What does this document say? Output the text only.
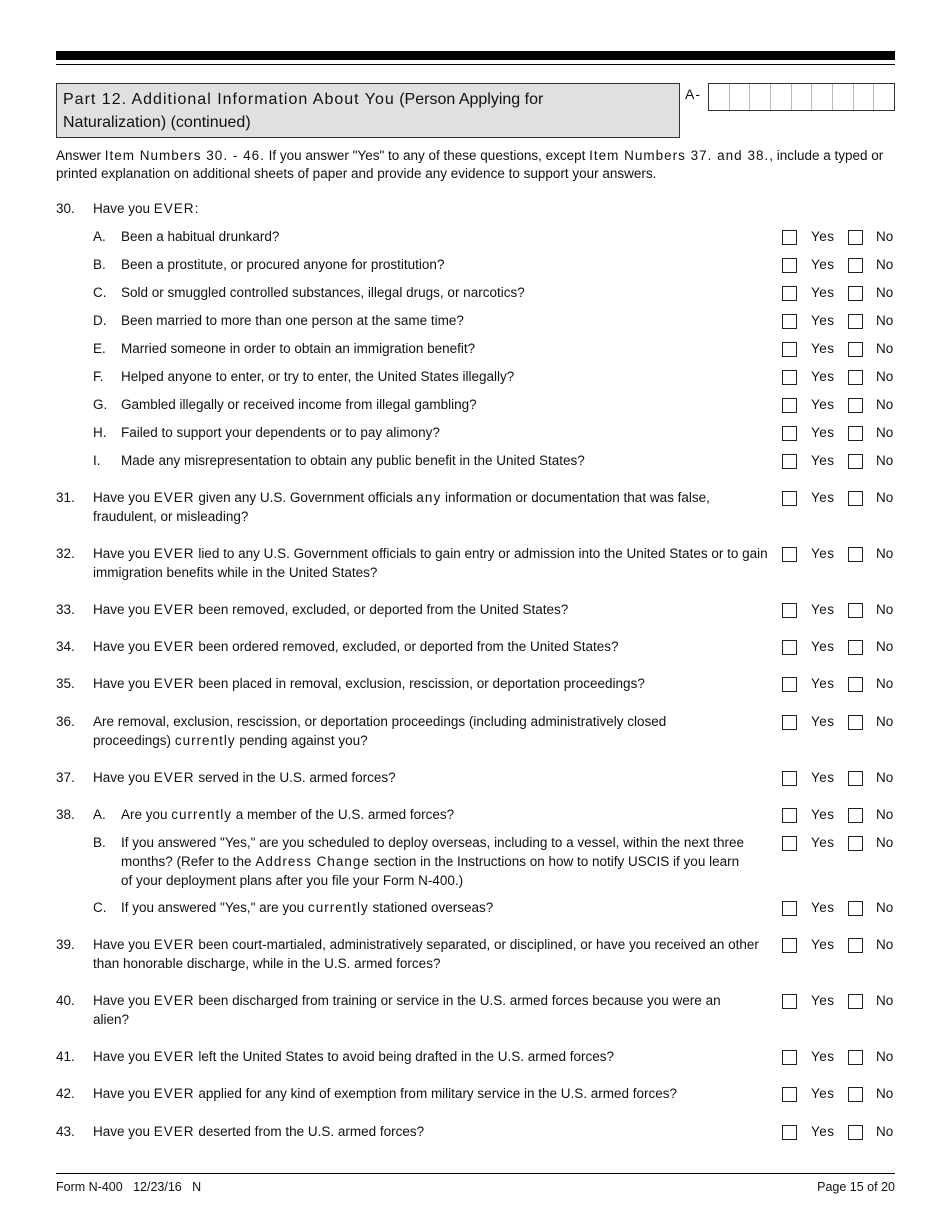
Part 12. Additional Information About You (Person Applying for
Naturalization) (continued)
A-
Answer Item Numbers 30. - 46. If you answer "Yes" to any of these questions, except Item Numbers 37. and 38., include a typed or printed explanation on additional sheets of paper and provide any evidence to support your answers.
30. Have you EVER:
A. Been a habitual drunkard?	Yes	No
B. Been a prostitute, or procured anyone for prostitution?	Yes	No
C. Sold or smuggled controlled substances, illegal drugs, or narcotics?	Yes	No
D. Been married to more than one person at the same time?	Yes	No
E. Married someone in order to obtain an immigration benefit?	Yes	No
F. Helped anyone to enter, or try to enter, the United States illegally?	Yes	No
G. Gambled illegally or received income from illegal gambling?	Yes	No
H. Failed to support your dependents or to pay alimony?	Yes	No
I. Made any misrepresentation to obtain any public benefit in the United States?	Yes	No
31. Have you EVER given any U.S. Government officials any information or documentation that was false, fraudulent, or misleading?
Yes	No
32. Have you EVER lied to any U.S. Government officials to gain entry or admission into the United States or to gain immigration benefits while in the United States?
Yes	No
33. Have you EVER been removed, excluded, or deported from the United States?	Yes	No
34. Have you EVER been ordered removed, excluded, or deported from the United States?	Yes	No
35. Have you EVER been placed in removal, exclusion, rescission, or deportation proceedings?	Yes	No
36. Are removal, exclusion, rescission, or deportation proceedings (including administratively closed proceedings) currently pending against you?
Yes	No
37. Have you EVER served in the U.S. armed forces?	Yes	No
38. A. Are you currently a member of the U.S. armed forces?	Yes	No
B. If you answered "Yes," are you scheduled to deploy overseas, including to a vessel, within the next three months? (Refer to the Address Change section in the Instructions on how to notify USCIS if you learn of your deployment plans after you file your Form N-400.)
Yes	No
C. If you answered "Yes," are you currently stationed overseas?	Yes	No
39. Have you EVER been court-martialed, administratively separated, or disciplined, or have you received an other than honorable discharge, while in the U.S. armed forces?
Yes	No
40. Have you EVER been discharged from training or service in the U.S. armed forces because you were an alien?
Yes	No
41. Have you EVER left the United States to avoid being drafted in the U.S. armed forces?	Yes	No
42. Have you EVER applied for any kind of exemption from military service in the U.S. armed forces?	Yes	No
43. Have you EVER deserted from the U.S. armed forces?	Yes	No
Form N-400   12/23/16   N	Page 15 of 20
